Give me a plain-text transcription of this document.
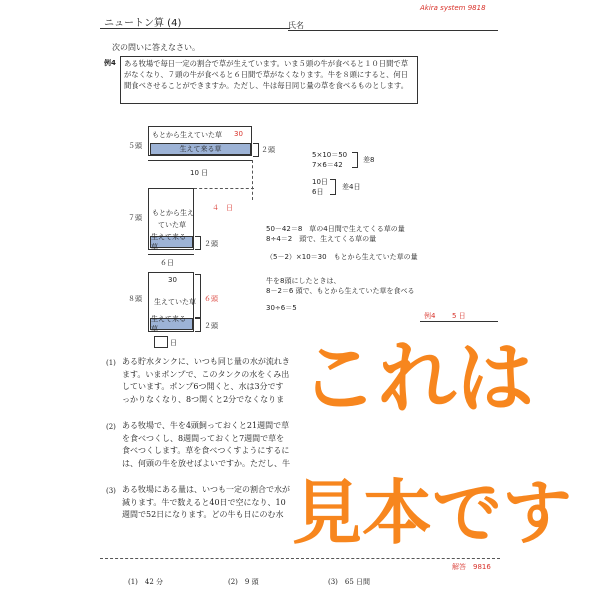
ニュートン算 (4)	氏名
Akira system 9818
次の問いに答えなさい。
例4 ある牧場で毎日一定の割合で草が生えています。いま５頭の牛が食べると１０日間で草がなくなり、７頭の牛が食べると６日間で草がなくなります。牛を８頭にすると、何日間食べさせることができますか。ただし、牛は毎日同じ量の草を食べるものとします。
５頭
もとから生えていた草 30
生えて来る草	２頭
10 日
７頭
もとから生え
ていた草
生えて来る草	２頭
４　日
６日
８頭
30
生えていた草 ６頭
生えて来る草	２頭
日
5×10＝50
7×6＝42
差8
10日
6日
差4日
50－42＝8　草の4日間で生えてくる草の量
8÷4＝2　頭で、生えてくる草の量
（5－2）×10＝30　もとから生えていた草の量
牛を8頭にしたときは、
8－2＝6 頭で、もとから生えていた草を食べる
30÷6＝5
例4 5 日
(1) ある貯水タンクに、いつも同じ量の水が流れきます。いまポンプで、このタンクの水をくみ出しています。ポンプ6つ開くと、水は3分ですっかりなくなり、8つ開くと2分でなくなりま
(2) ある牧場で、牛を4頭飼っておくと21週間で草を食べつくし、8週間っておくと7週間で草を食べつくします。草を食べつくすようにするには、何頭の牛を放せばよいですか。ただし、牛
(3) ある牧場にある量は、いつも一定の割合で水が減ります。牛で数えると40日で空になり、10週間で52日になります。どの牛も日にのむ水
これは
見本です
解答　9816
(1)　42 分	(2)　9 頭	(3)　65 日間
